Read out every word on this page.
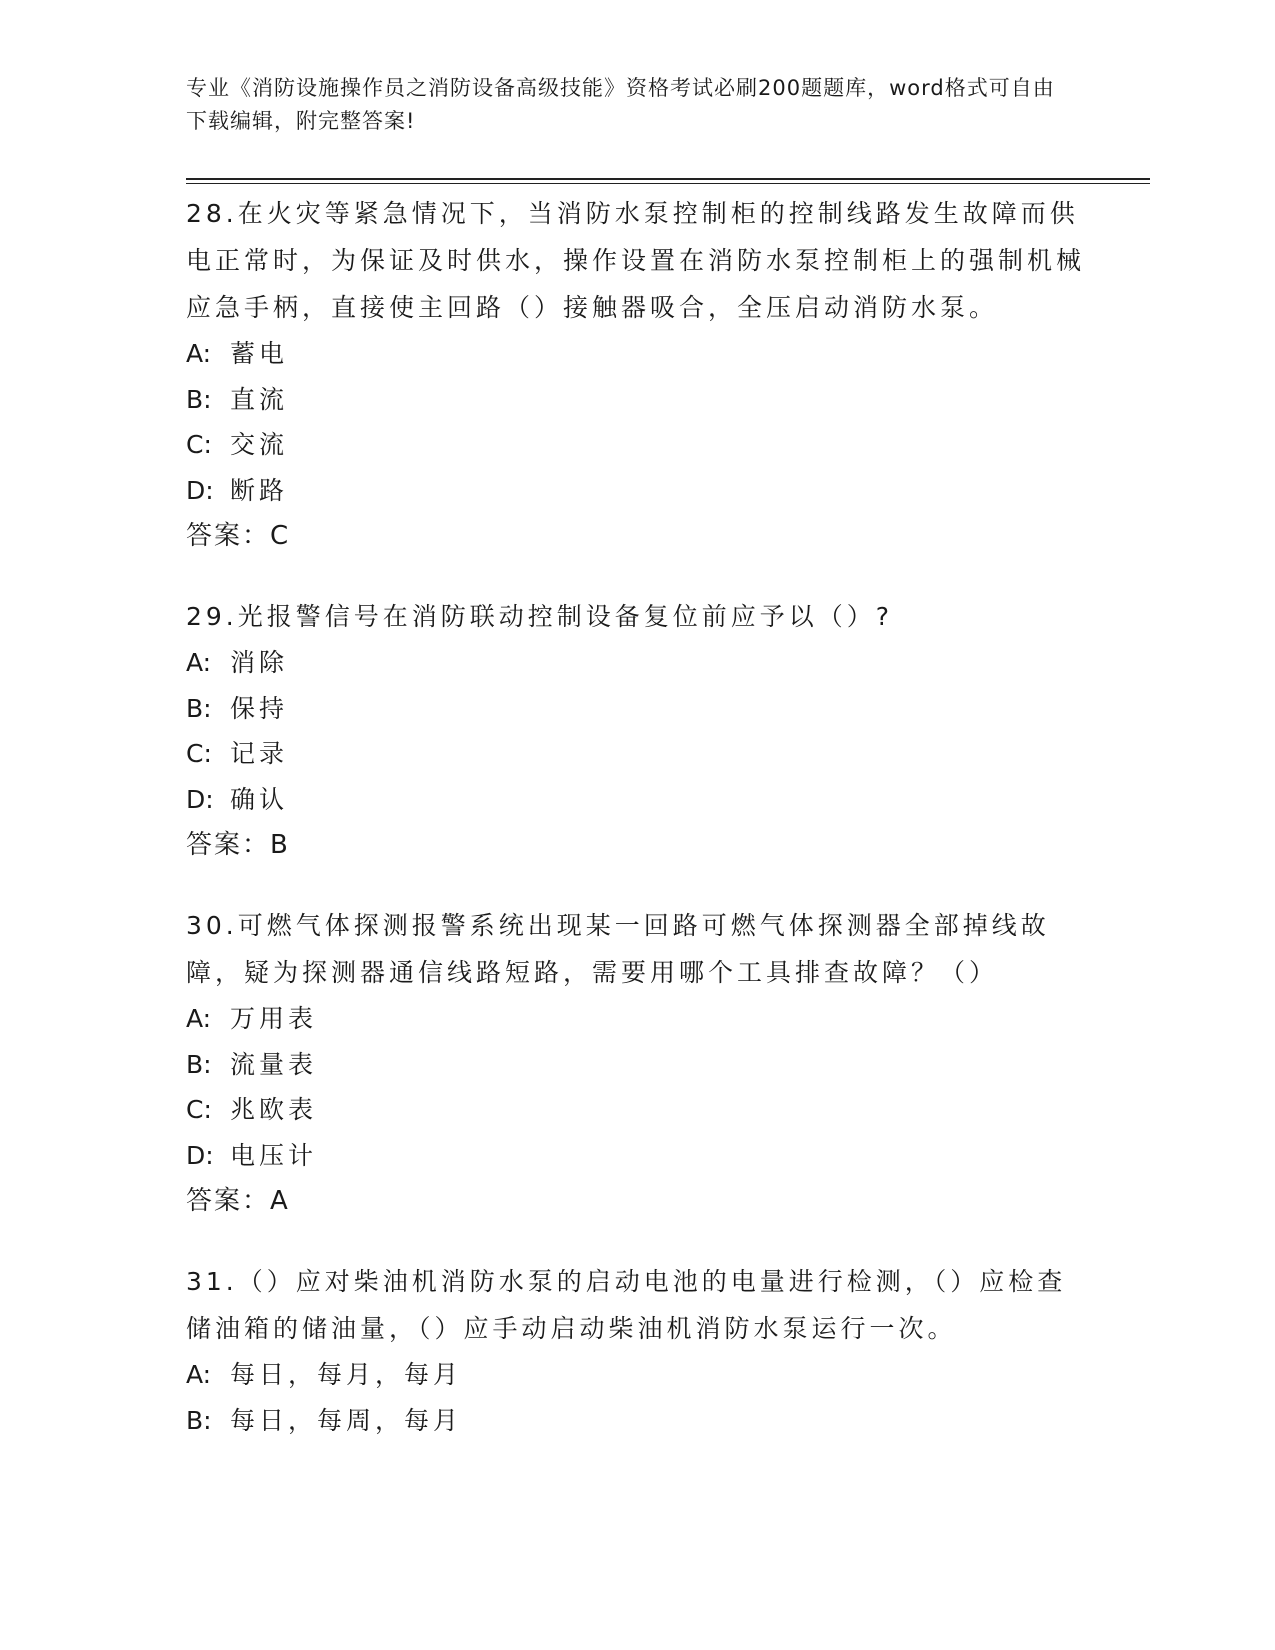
专业《消防设施操作员之消防设备高级技能》资格考试必刷200题题库，word格式可自由下载编辑，附完整答案!

28.在火灾等紧急情况下，当消防水泵控制柜的控制线路发生故障而供电正常时，为保证及时供水，操作设置在消防水泵控制柜上的强制机械应急手柄，直接使主回路（）接触器吸合，全压启动消防水泵。

A: 蓄电

B: 直流

C: 交流

D: 断路

答案：C

29.光报警信号在消防联动控制设备复位前应予以（）?

A: 消除

B: 保持

C: 记录

D: 确认

答案：B

30.可燃气体探测报警系统出现某一回路可燃气体探测器全部掉线故障，疑为探测器通信线路短路，需要用哪个工具排查故障？（）

A: 万用表

B: 流量表

C: 兆欧表

D: 电压计

答案：A

31.（）应对柴油机消防水泵的启动电池的电量进行检测，（）应检查储油箱的储油量，（）应手动启动柴油机消防水泵运行一次。

A: 每日，每月，每月

B: 每日，每周，每月
